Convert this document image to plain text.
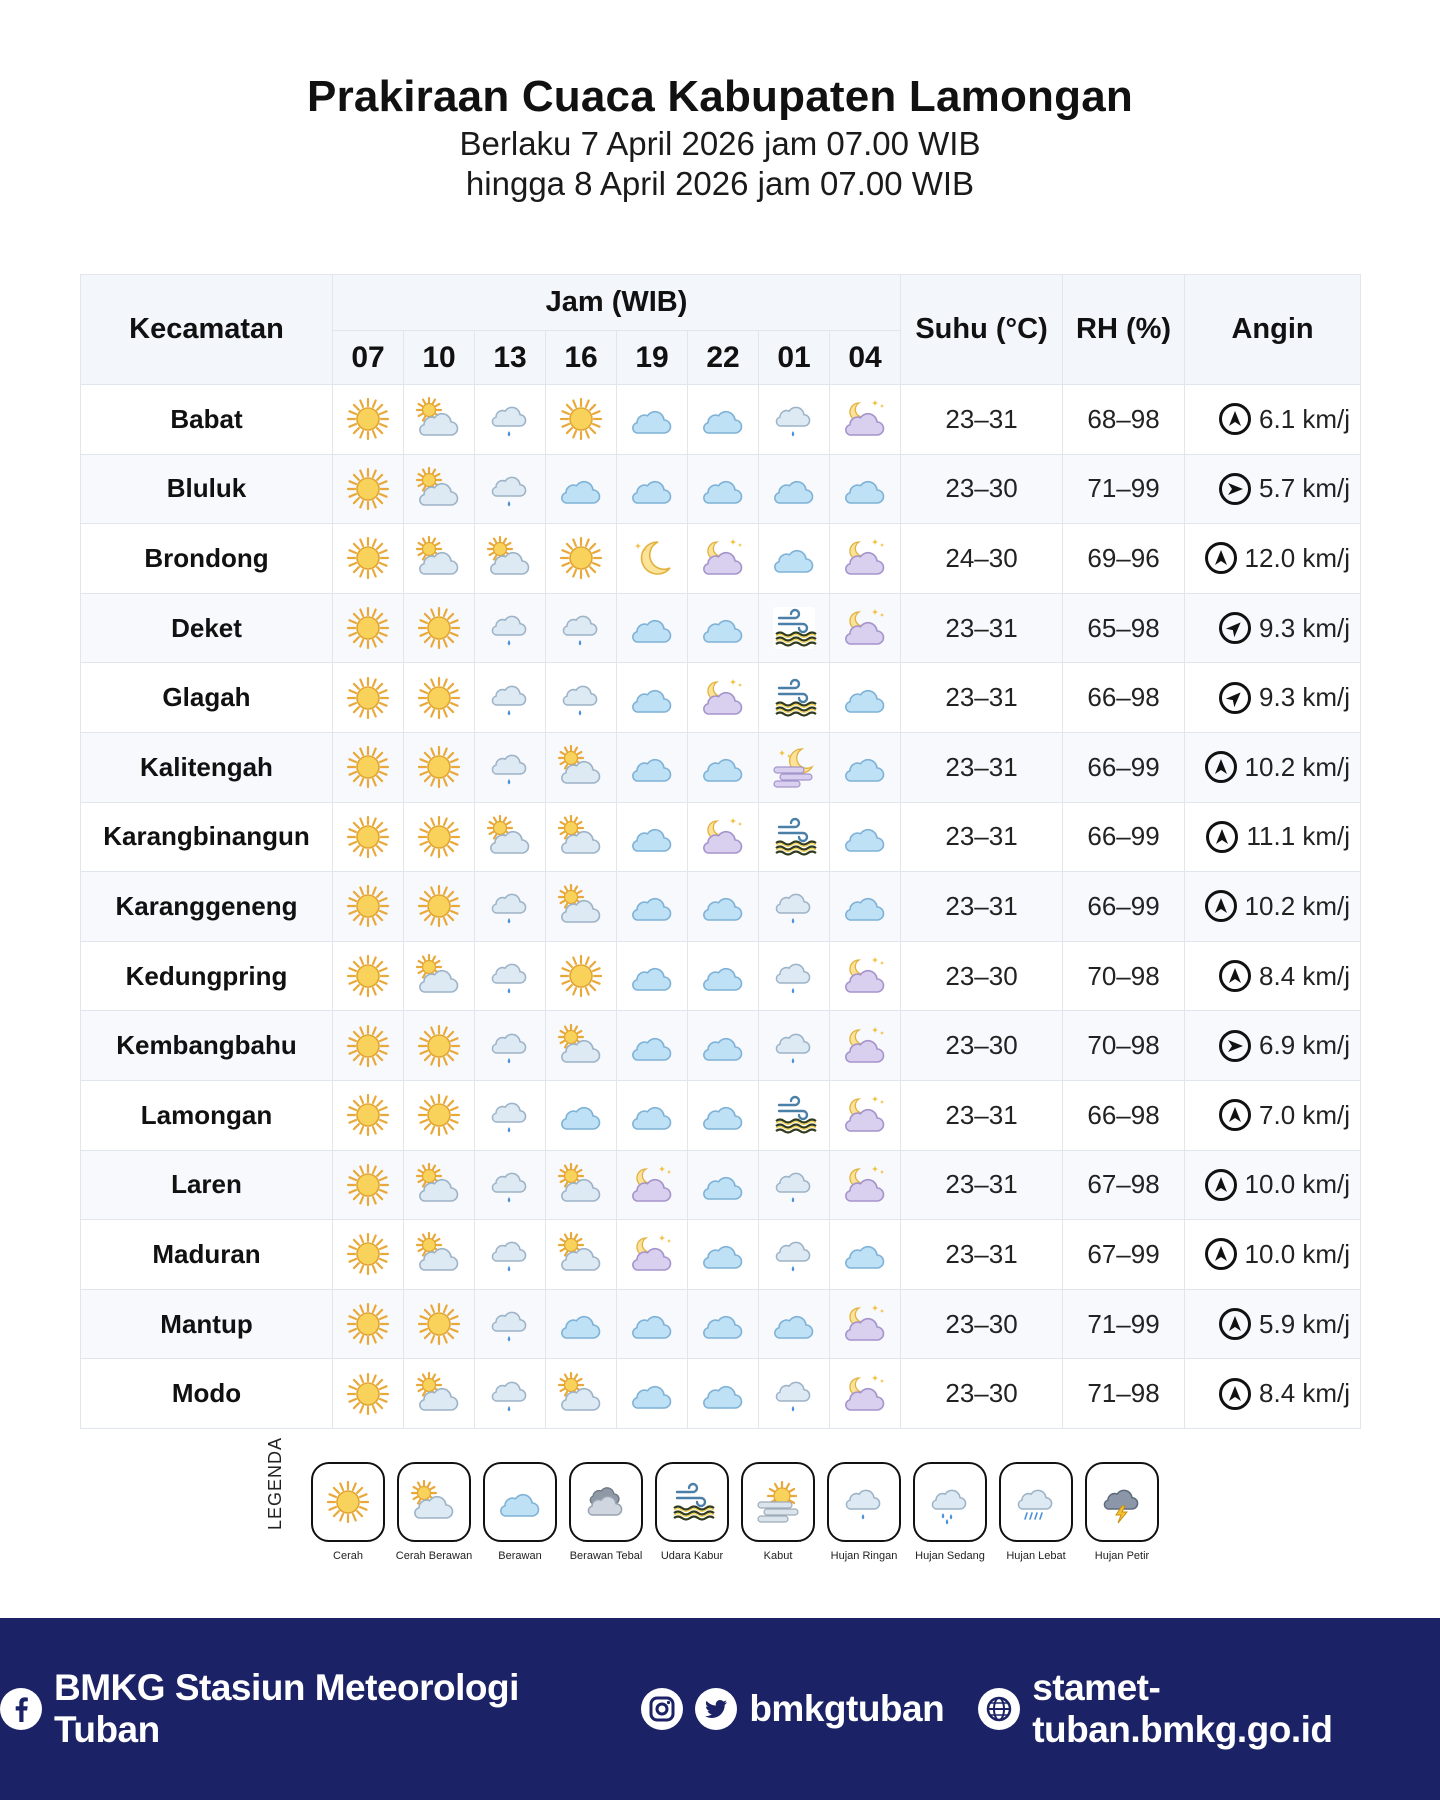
Prakiraan Cuaca Kabupaten Lamongan
Berlaku 7 April 2026 jam 07.00 WIB
hingga 8 April 2026 jam 07.00 WIB
Kecamatan	Jam (WIB)								Suhu (°C)	RH (%)	Angin
	07	10	13	16	19	22	01	04			
Babat									23–31	68–98	6.1 km/j

Bluluk									23–30	71–99	5.7 km/j

Brondong									24–30	69–96	12.0 km/j

Deket									23–31	65–98	9.3 km/j

Glagah									23–31	66–98	9.3 km/j

Kalitengah									23–31	66–99	10.2 km/j

Karangbinangun									23–31	66–99	11.1 km/j

Karanggeneng									23–31	66–99	10.2 km/j

Kedungpring									23–30	70–98	8.4 km/j

Kembangbahu									23–30	70–98	6.9 km/j

Lamongan									23–31	66–98	7.0 km/j

Laren									23–31	67–98	10.0 km/j

Maduran									23–31	67–99	10.0 km/j

Mantup									23–30	71–99	5.9 km/j

Modo									23–30	71–98	8.4 km/j
LEGENDA
Cerah	Cerah Berawan Berawan	Berawan Tebal Udara Kabur	Kabut	Hujan Ringan Hujan Sedang Hujan Lebat	Hujan Petir
BMKG Stasiun Meteorologi Tuban
bmkgtuban
stamet-tuban.bmkg.go.id
